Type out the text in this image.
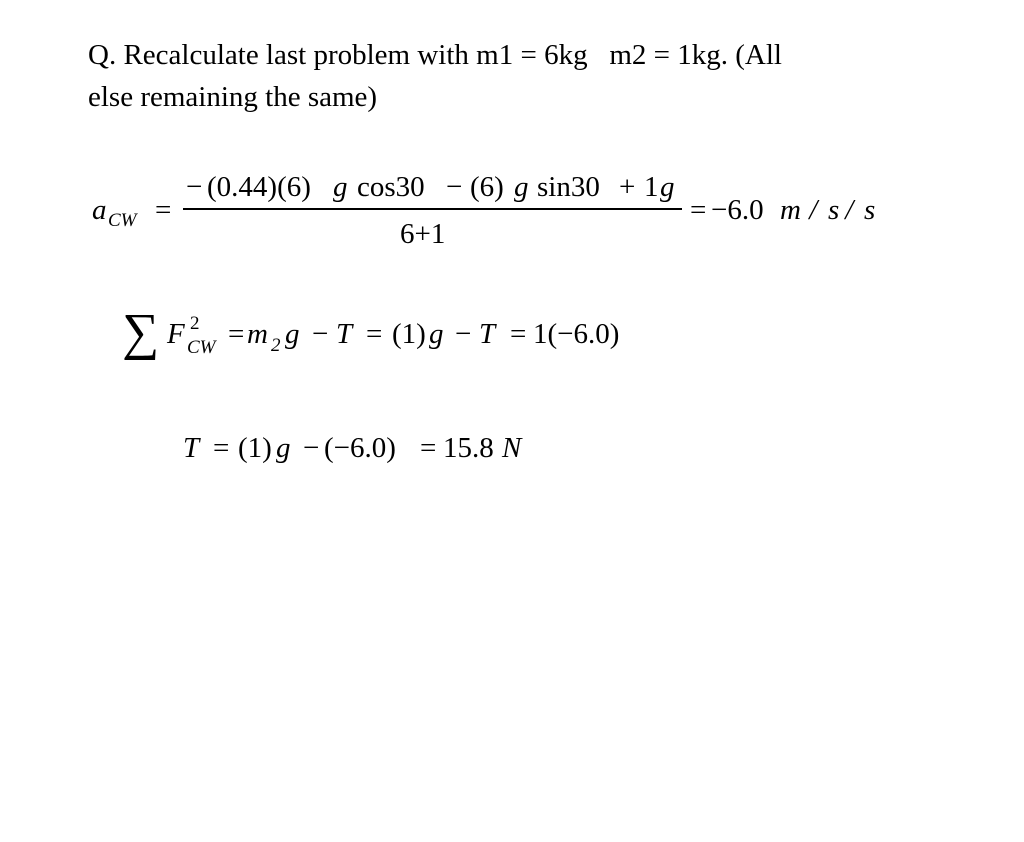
Q. Recalculate last problem with m1 = 6kg   m2 = 1kg. (All
else remaining the same)

a

CW

=

−

(0.44)(6)

g

cos30

−

(6)

g

sin30

+

1

g

6+1

=

−6.0

m

/

s

/

s

∑

F

2

CW

=

m

2

g

−

T

=

(1)

g

−

T

=

1(−6.0)

T

=

(1)

g

−

(−6.0)

=

15.8

N
